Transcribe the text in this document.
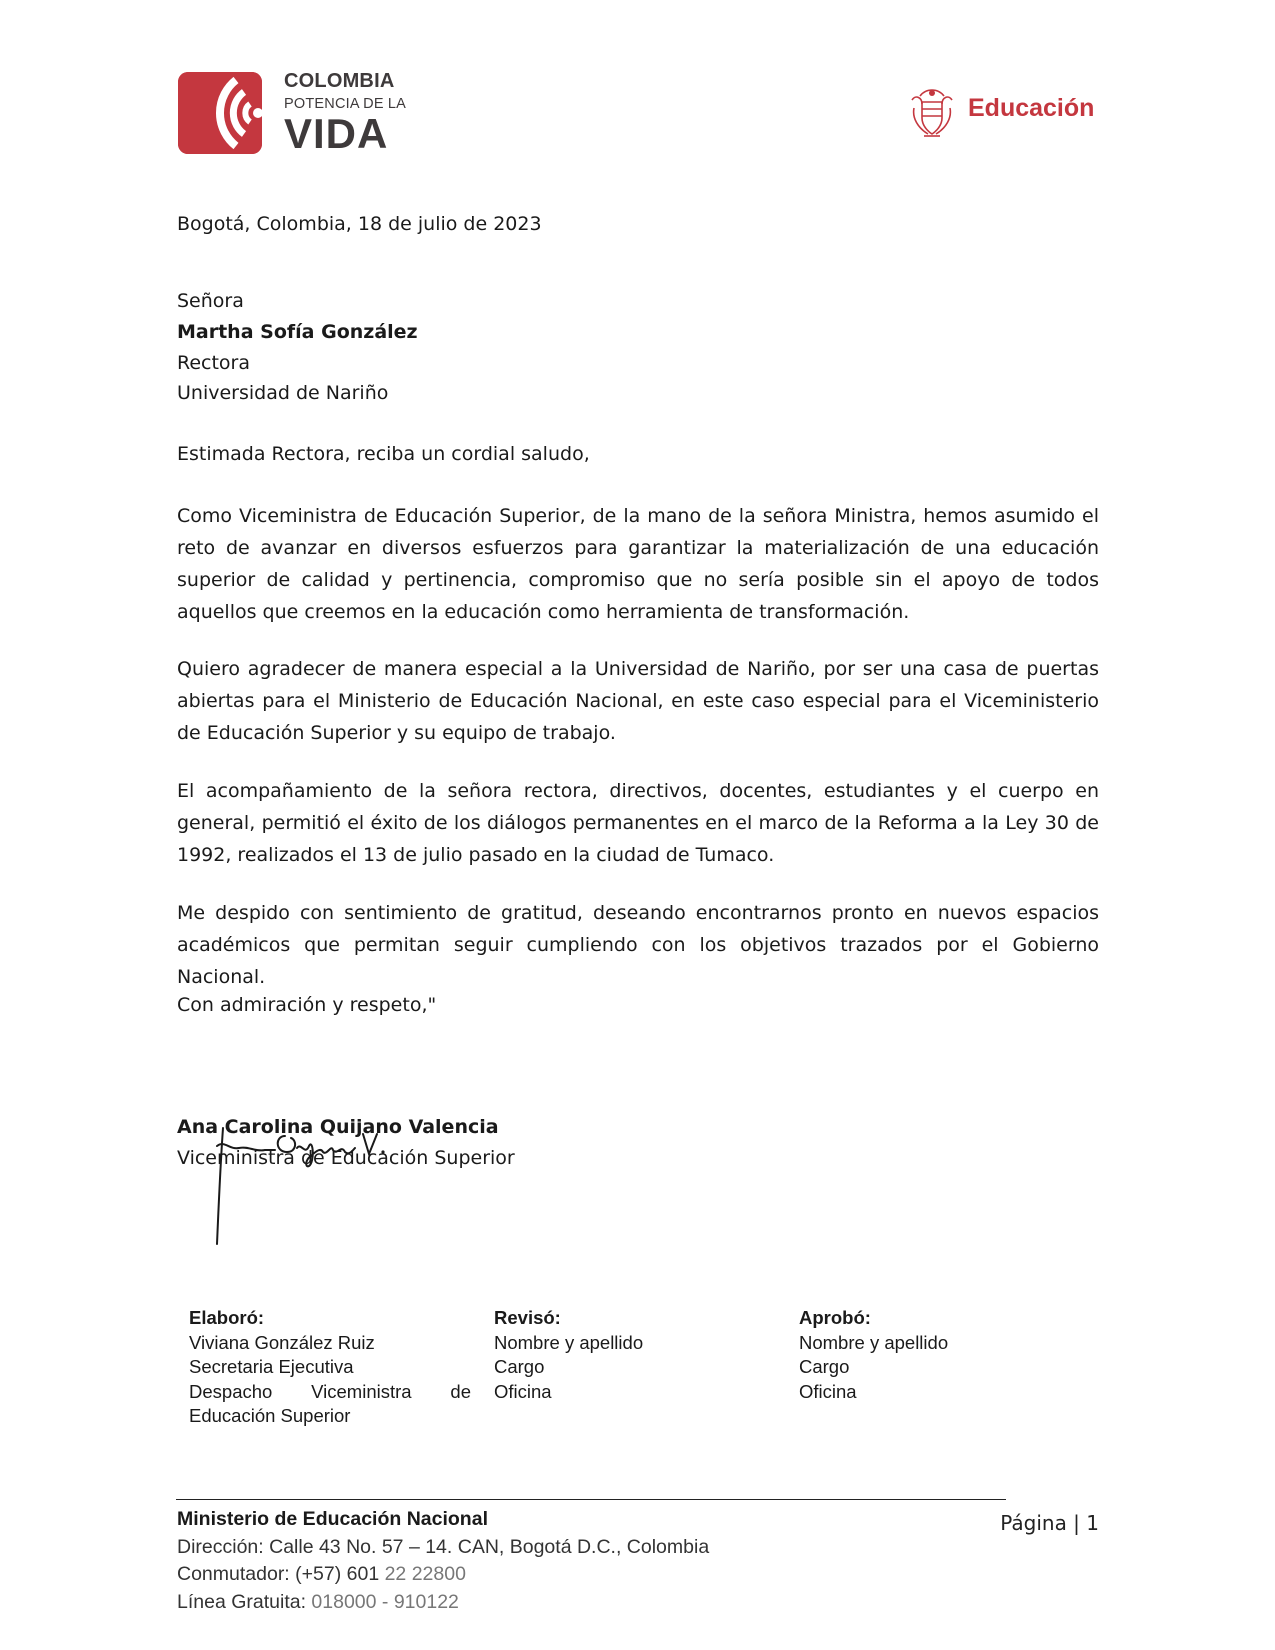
COLOMBIA
POTENCIA DE LA
VIDA
Educación
Bogotá, Colombia, 18 de julio de 2023
Señora
Martha Sofía González
Rectora
Universidad de Nariño
Estimada Rectora, reciba un cordial saludo,
Como Viceministra de Educación Superior, de la mano de la señora Ministra, hemos asumido el reto de avanzar en diversos esfuerzos para garantizar la materialización de una educación superior de calidad y pertinencia, compromiso que no sería posible sin el apoyo de todos aquellos que creemos en la educación como herramienta de transformación.
Quiero agradecer de manera especial a la Universidad de Nariño, por ser una casa de puertas abiertas para el Ministerio de Educación Nacional, en este caso especial para el Viceministerio de Educación Superior y su equipo de trabajo.
El acompañamiento de la señora rectora, directivos, docentes, estudiantes y el cuerpo en general, permitió el éxito de los diálogos permanentes en el marco de la Reforma a la Ley 30 de 1992, realizados el 13 de julio pasado en la ciudad de Tumaco.
Me despido con sentimiento de gratitud, deseando encontrarnos pronto en nuevos espacios académicos que permitan seguir cumpliendo con los objetivos trazados por el Gobierno Nacional.
Con admiración y respeto,"
Ana Carolina Quijano Valencia
Viceministra de Educación Superior
Elaboró:
Viviana González Ruiz
Secretaria Ejecutiva
Despacho Viceministra de
Educación Superior
Revisó:
Nombre y apellido
Cargo
Oficina
Aprobó:
Nombre y apellido
Cargo
Oficina
Ministerio de Educación Nacional
Dirección: Calle 43 No. 57 – 14. CAN, Bogotá D.C., Colombia
Conmutador: (+57) 601 22 22800
Línea Gratuita: 018000 - 910122
Página | 1
